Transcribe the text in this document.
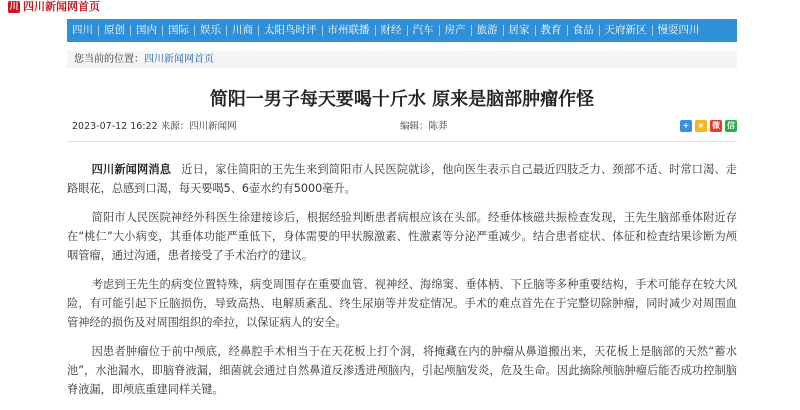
川 四川新闻网首页
四川	原创	国内	国际	娱乐	川商	太阳鸟时评	市州联播	财经	汽车	房产	旅游	居家	教育	食品	天府新区	慢耍四川
您当前的位置：四川新闻网首页
简阳一男子每天要喝十斤水 原来是脑部肿瘤作怪
2023-07-12 16:22 来源：四川新闻网	编辑：陈莽	+	★ 微 信

四川新闻网消息 近日，家住简阳的王先生来到简阳市人民医院就诊，他向医生表示自己最近四肢乏力、颈部不适、时常口渴、走路眼花，总感到口渴，每天要喝5、6壶水约有5000毫升。

简阳市人民医院神经外科医生徐建接诊后，根据经验判断患者病根应该在头部。经垂体核磁共振检查发现，王先生脑部垂体附近存在“桃仁”大小病变，其垂体功能严重低下，身体需要的甲状腺激素、性激素等分泌严重减少。结合患者症状、体征和检查结果诊断为颅咽管瘤，通过沟通，患者接受了手术治疗的建议。

考虑到王先生的病变位置特殊，病变周围存在重要血管、视神经、海绵窦、垂体柄、下丘脑等多种重要结构，手术可能存在较大风险，有可能引起下丘脑损伤，导致高热、电解质紊乱、终生尿崩等并发症情况。手术的难点首先在于完整切除肿瘤，同时减少对周围血管神经的损伤及对周围组织的牵拉，以保证病人的安全。

因患者肿瘤位于前中颅底，经鼻腔手术相当于在天花板上打个洞，将掩藏在内的肿瘤从鼻道搬出来，天花板上是脑部的天然“蓄水池”，水池漏水，即脑脊液漏，细菌就会通过自然鼻道反渗透进颅脑内，引起颅脑发炎，危及生命。因此摘除颅脑肿瘤后能否成功控制脑脊液漏，即颅底重建同样关键。
